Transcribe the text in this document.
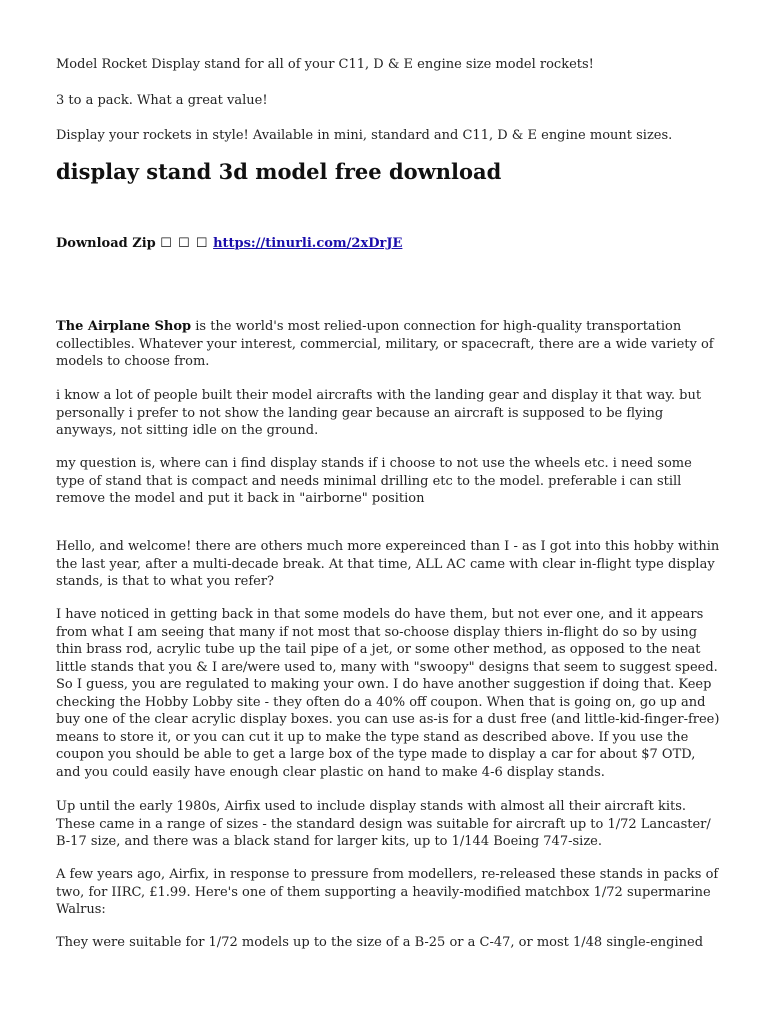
Model Rocket Display stand for all of your C11, D & E engine size model rockets!

3 to a pack. What a great value!

Display your rockets in style! Available in mini, standard and C11, D & E engine mount sizes.

display stand 3d model free download

Download Zip ☐ ☐ ☐ https://tinurli.com/2xDrJE

The Airplane Shop is the world's most relied-upon connection for high-quality transportation collectibles. Whatever your interest, commercial, military, or spacecraft, there are a wide variety of models to choose from.

i know a lot of people built their model aircrafts with the landing gear and display it that way. but personally i prefer to not show the landing gear because an aircraft is supposed to be flying anyways, not sitting idle on the ground.

my question is, where can i find display stands if i choose to not use the wheels etc. i need some type of stand that is compact and needs minimal drilling etc to the model. preferable i can still remove the model and put it back in "airborne" position

Hello, and welcome! there are others much more expereinced than I - as I got into this hobby within the last year, after a multi-decade break. At that time, ALL AC came with clear in-flight type display stands, is that to what you refer?

I have noticed in getting back in that some models do have them, but not ever one, and it appears from what I am seeing that many if not most that so-choose display thiers in-flight do so by using thin brass rod, acrylic tube up the tail pipe of a jet, or some other method, as opposed to the neat little stands that you & I are/were used to, many with "swoopy" designs that seem to suggest speed. So I guess, you are regulated to making your own. I do have another suggestion if doing that. Keep checking the Hobby Lobby site - they often do a 40% off coupon. When that is going on, go up and buy one of the clear acrylic display boxes. you can use as-is for a dust free (and little-kid-finger-free) means to store it, or you can cut it up to make the type stand as described above. If you use the coupon you should be able to get a large box of the type made to display a car for about $7 OTD, and you could easily have enough clear plastic on hand to make 4-6 display stands.

Up until the early 1980s, Airfix used to include display stands with almost all their aircraft kits. These came in a range of sizes - the standard design was suitable for aircraft up to 1/72 Lancaster/ B-17 size, and there was a black stand for larger kits, up to 1/144 Boeing 747-size.

A few years ago, Airfix, in response to pressure from modellers, re-released these stands in packs of two, for IIRC, £1.99. Here's one of them supporting a heavily-modified matchbox 1/72 supermarine Walrus:

They were suitable for 1/72 models up to the size of a B-25 or a C-47, or most 1/48 single-engined
